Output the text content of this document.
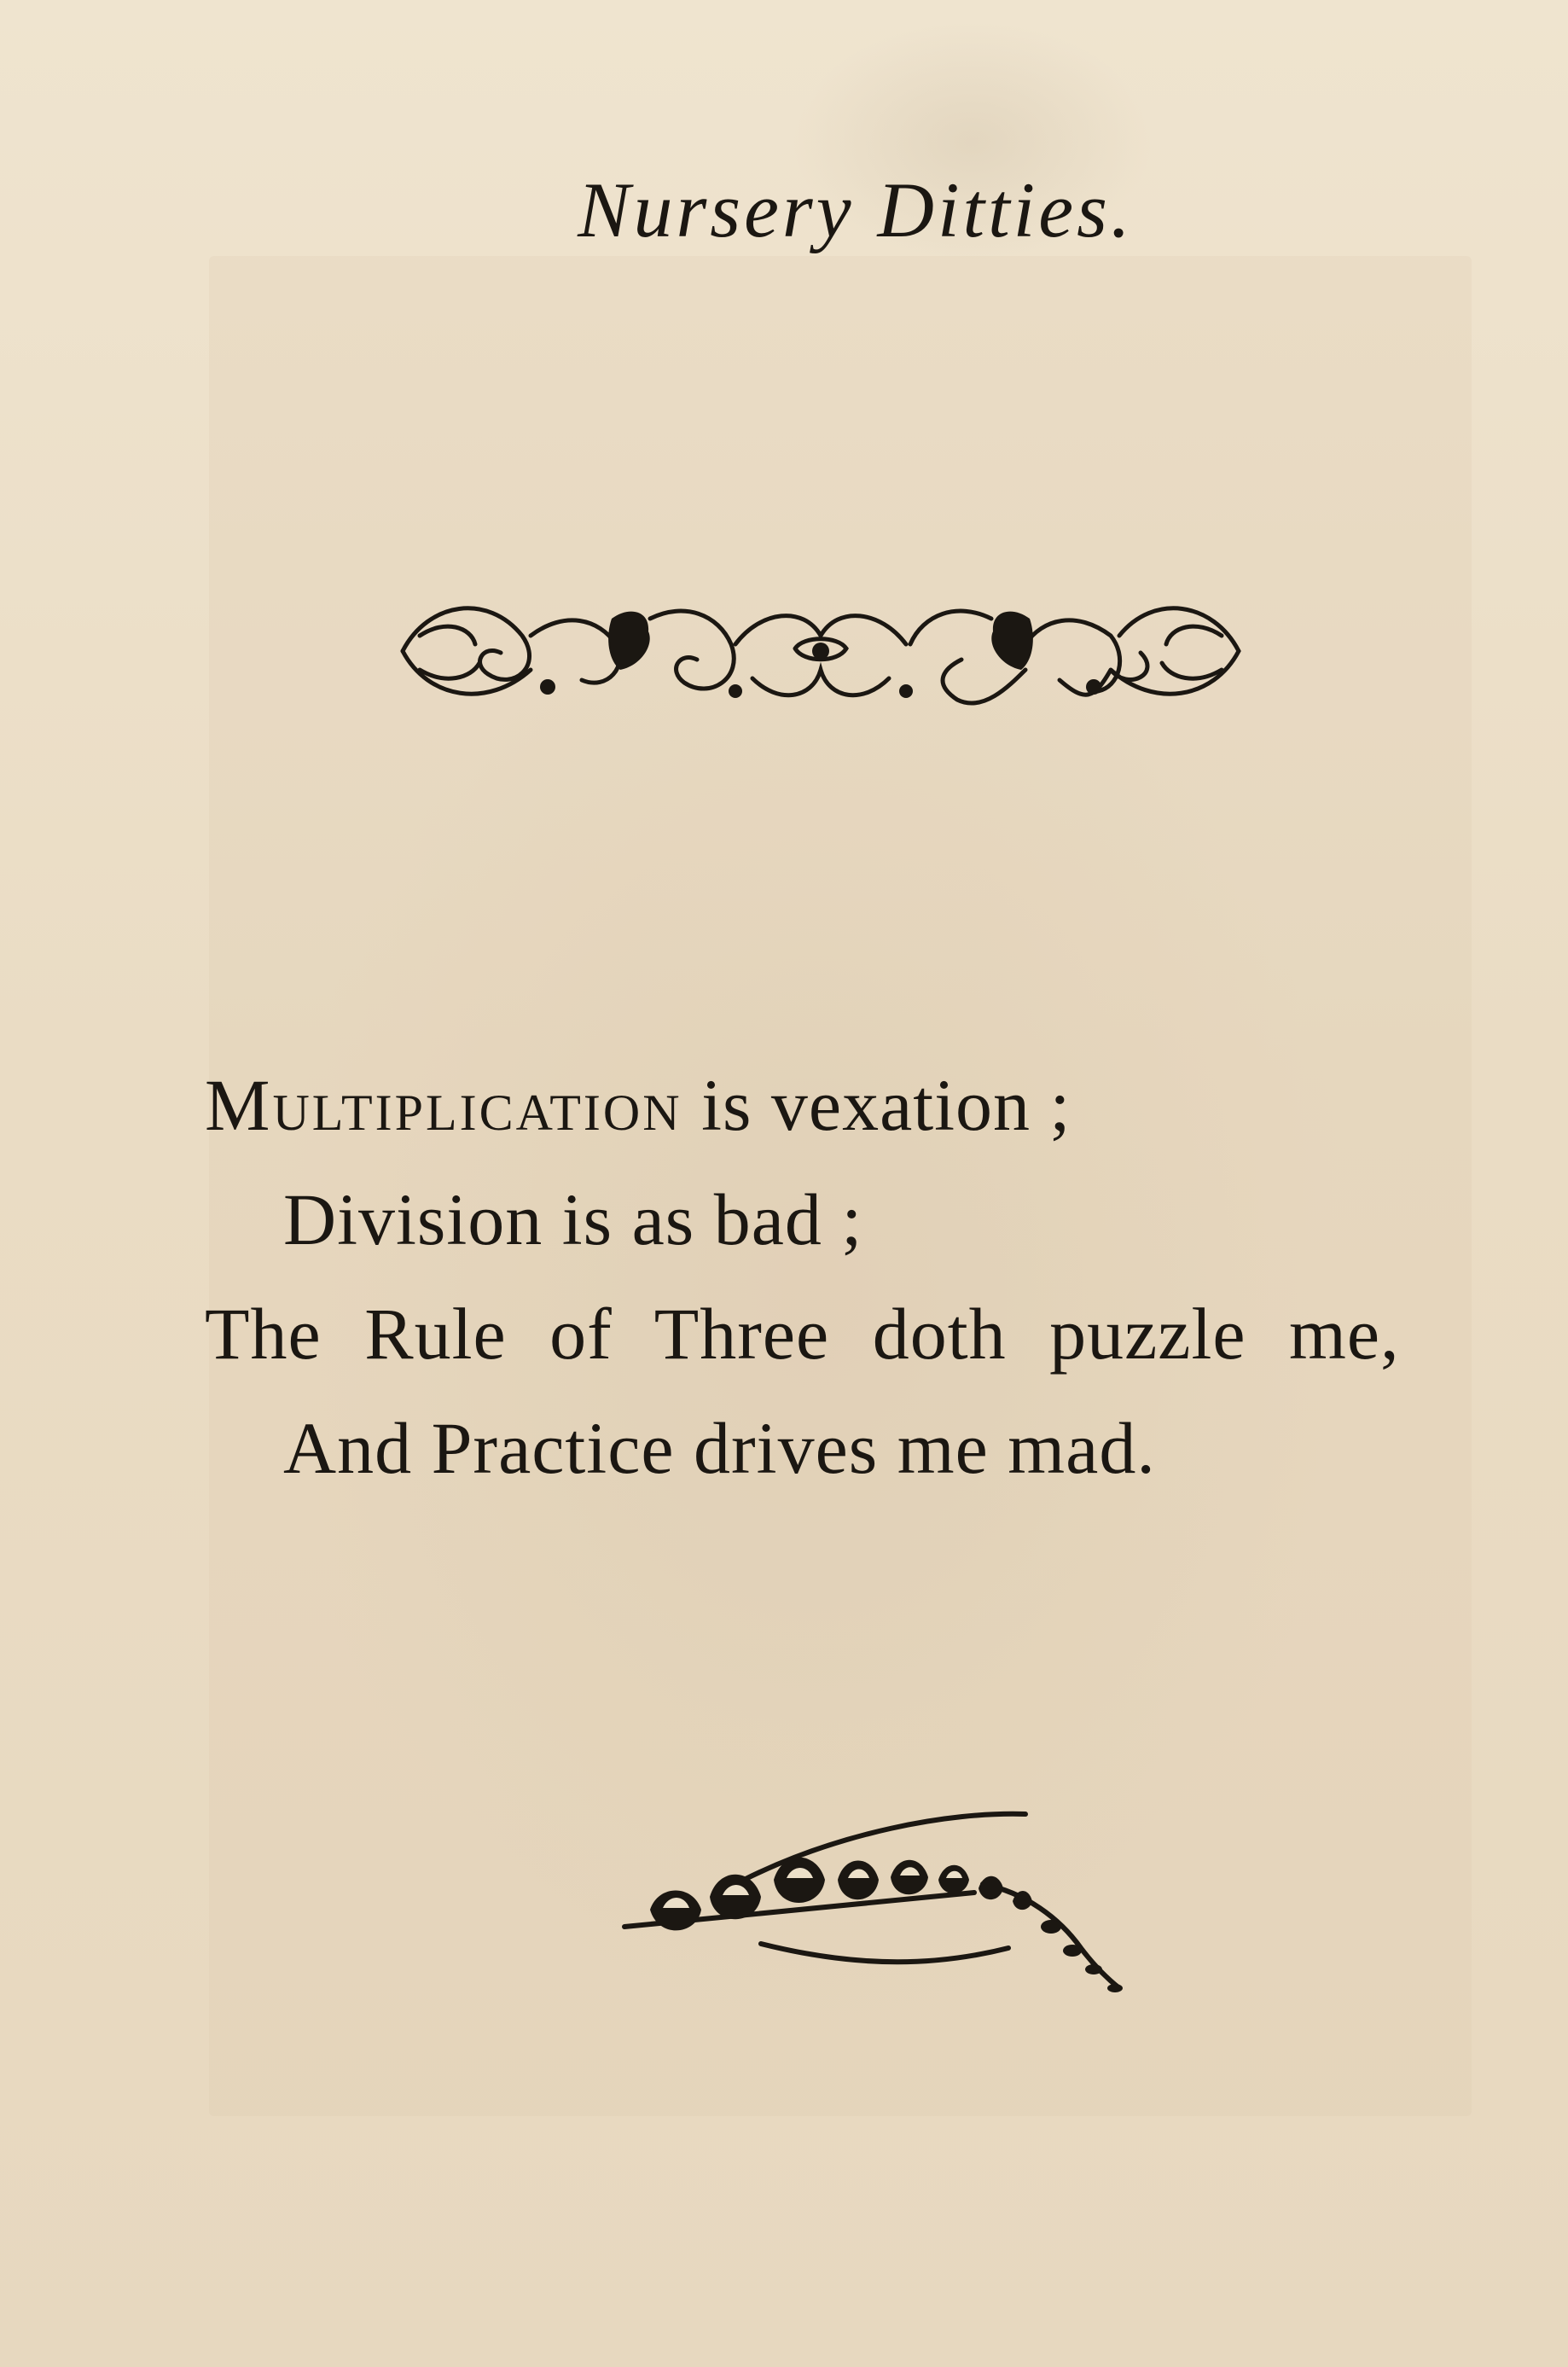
Nursery Ditties.
Multiplication is vexation ;
Division is as bad ;
The Rule of Three doth puzzle me,
And Practice drives me mad.
